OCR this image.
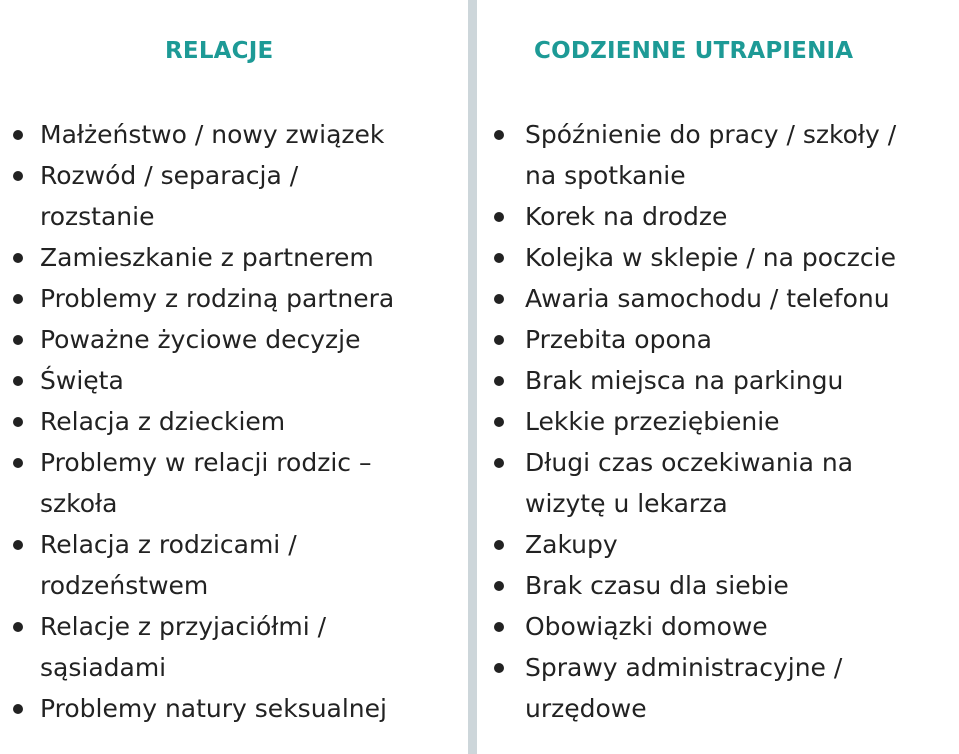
RELACJE
Małżeństwo / nowy związek
Rozwód / separacja /
rozstanie
Zamieszkanie z partnerem
Problemy z rodziną partnera
Poważne życiowe decyzje
Święta
Relacja z dzieckiem
Problemy w relacji rodzic –
szkoła
Relacja z rodzicami /
rodzeństwem
Relacje z przyjaciółmi /
sąsiadami
Problemy natury seksualnej
CODZIENNE UTRAPIENIA
Spóźnienie do pracy / szkoły /
na spotkanie
Korek na drodze
Kolejka w sklepie / na poczcie
Awaria samochodu / telefonu
Przebita opona
Brak miejsca na parkingu
Lekkie przeziębienie
Długi czas oczekiwania na
wizytę u lekarza
Zakupy
Brak czasu dla siebie
Obowiązki domowe
Sprawy administracyjne /
urzędowe
